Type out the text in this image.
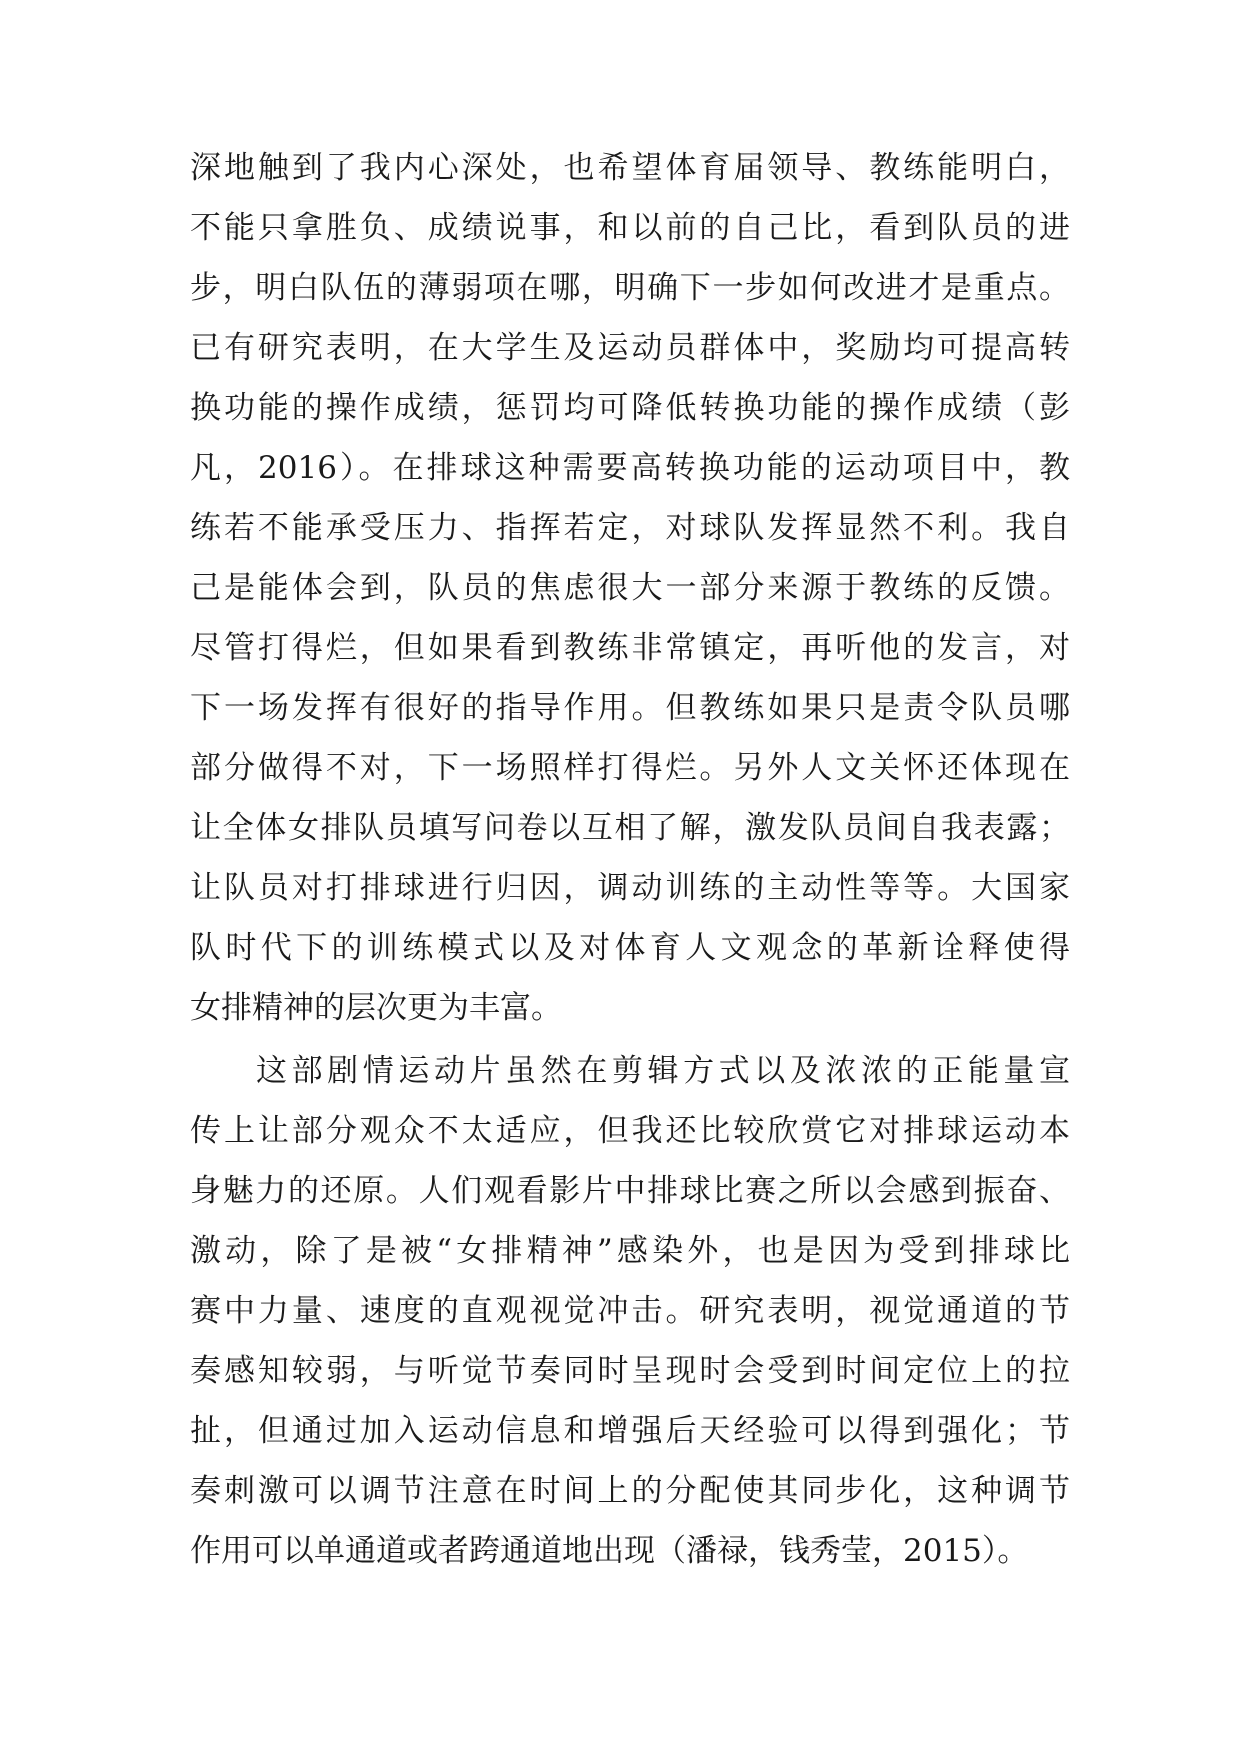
深地触到了我内心深处，也希望体育届领导、教练能明白，
不能只拿胜负、成绩说事，和以前的自己比，看到队员的进
步，明白队伍的薄弱项在哪，明确下一步如何改进才是重点。
已有研究表明，在大学生及运动员群体中，奖励均可提高转
换功能的操作成绩，惩罚均可降低转换功能的操作成绩（彭
凡，2016）。在排球这种需要高转换功能的运动项目中，教
练若不能承受压力、指挥若定，对球队发挥显然不利。我自
己是能体会到，队员的焦虑很大一部分来源于教练的反馈。
尽管打得烂，但如果看到教练非常镇定，再听他的发言，对
下一场发挥有很好的指导作用。但教练如果只是责令队员哪
部分做得不对，下一场照样打得烂。另外人文关怀还体现在
让全体女排队员填写问卷以互相了解，激发队员间自我表露；
让队员对打排球进行归因，调动训练的主动性等等。大国家
队时代下的训练模式以及对体育人文观念的革新诠释使得
女排精神的层次更为丰富。
这部剧情运动片虽然在剪辑方式以及浓浓的正能量宣
传上让部分观众不太适应，但我还比较欣赏它对排球运动本
身魅力的还原。人们观看影片中排球比赛之所以会感到振奋、
激动，除了是被“女排精神”感染外，也是因为受到排球比
赛中力量、速度的直观视觉冲击。研究表明，视觉通道的节
奏感知较弱，与听觉节奏同时呈现时会受到时间定位上的拉
扯，但通过加入运动信息和增强后天经验可以得到强化；节
奏刺激可以调节注意在时间上的分配使其同步化，这种调节
作用可以单通道或者跨通道地出现（潘禄，钱秀莹，2015）。
